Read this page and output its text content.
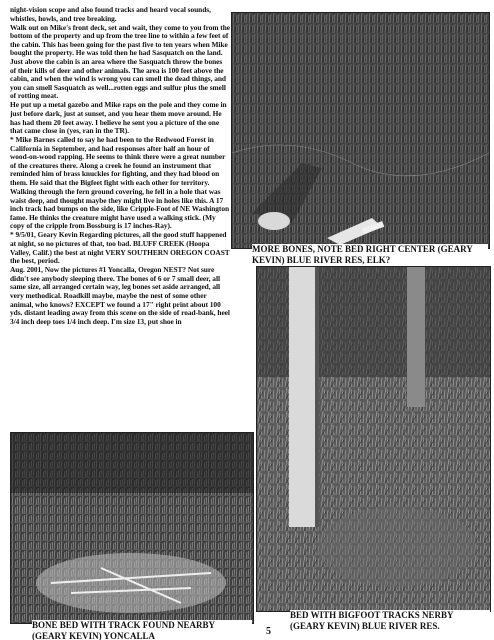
night-vision scope and also found tracks and heard vocal sounds, whistles, howls, and tree breaking.

Walk out on Mike's front deck, set and wait, they come to you from the bottom of the property and up from the tree line to within a few feet of the cabin. This has been going for the past five to ten years when Mike bought the property. He was told then he had Sasquatch on the land. Just above the cabin is an area where the Sasquatch throw the bones of their kills of deer and other animals. The area is 100 feet above the cabin, and when the wind is wrong you can smell the dead things, and you can smell Sasquatch as well...rotten eggs and sulfur plus the smell of rotting meat.

He put up a metal gazebo and Mike raps on the pole and they come in just before dark, just at sunset, and you hear them move around. He has had them 20 feet away. I believe he sent you a picture of the one that came close in (yes, ran in the TR).

* Mike Barnes called to say he had been to the Redwood Forest in California in September, and had responses after half an hour of wood-on-wood rapping. He seems to think there were a great number of the creatures there. Along a creek he found an instrument that reminded him of brass knuckles for fighting, and they had blood on them. He said that the Bigfeet fight with each other for territory.

Walking through the fern ground covering, he fell in a hole that was waist deep, and thought maybe they might live in holes like this. A 17 inch track had bumps on the side, like Cripple-Foot of NE Washington fame. He thinks the creature might have used a walking stick. (My copy of the cripple from Bossburg is 17 inches-Ray).

* 9/5/01, Geary Kevin Regarding pictures, all the good stuff happened at night, so no pictures of that, too bad. BLUFF CREEK (Hoopa Valley, Calif.) the best at night VERY SOUTHERN OREGON COAST the best, period.

Aug. 2001, Now the pictures #1 Yoncalla, Oregon NEST? Not sure didn't see anybody sleeping there. The bones of 6 or 7 small deer, all same size, all arranged certain way, leg bones set aside arranged, all very methodical. Roadkill maybe, maybe the nest of some other animal, who knows? EXCEPT we found a 17" right print about 100 yds. distant leading away from this scene on the side of road-bank, heel 3/4 inch deep toes 1/4 inch deep. I'm size 13, put shoe in

MORE BONES, NOTE BED RIGHT CENTER (GEARY KEVIN) BLUE RIVER RES, ELK?
BED WITH BIGFOOT TRACKS NERBY (GEARY KEVIN) BLUE RIVER RES.
BONE BED WITH TRACK FOUND NEARBY (GEARY KEVIN) YONCALLA	5
